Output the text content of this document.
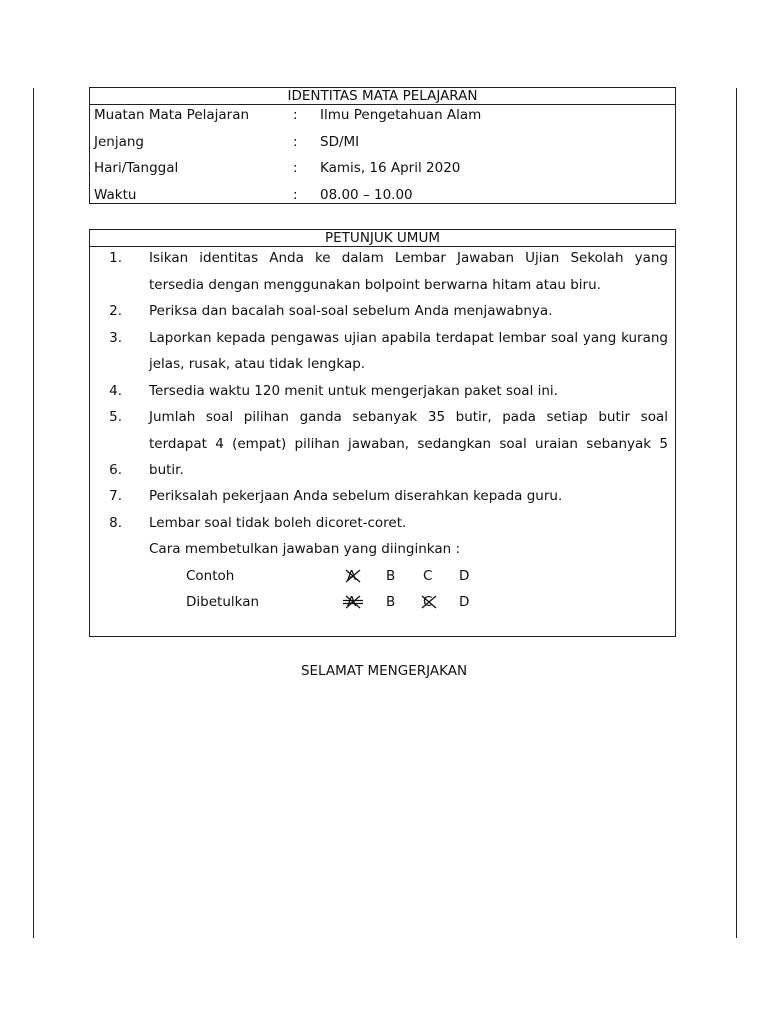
IDENTITAS MATA PELAJARAN
Muatan Mata Pelajaran	: Ilmu Pengetahuan Alam
Jenjang	: SD/MI
Hari/Tanggal	: Kamis, 16 April 2020
Waktu	: 08.00 – 10.00
PETUNJUK UMUM
1. Isikan identitas Anda ke dalam Lembar Jawaban Ujian Sekolah yang
tersedia dengan menggunakan bolpoint berwarna hitam atau biru.
2. Periksa dan bacalah soal-soal sebelum Anda menjawabnya.
3. Laporkan kepada pengawas ujian apabila terdapat lembar soal yang kurang
jelas, rusak, atau tidak lengkap.
4. Tersedia waktu 120 menit untuk mengerjakan paket soal ini.
5. Jumlah soal pilihan ganda sebanyak 35 butir, pada setiap butir soal
terdapat 4 (empat) pilihan jawaban, sedangkan soal uraian sebanyak 5
6. butir.
7. Periksalah pekerjaan Anda sebelum diserahkan kepada guru.
8. Lembar soal tidak boleh dicoret-coret.
Cara membetulkan jawaban yang diinginkan :
Contoh	A B C D
Dibetulkan	A B C D
SELAMAT MENGERJAKAN
